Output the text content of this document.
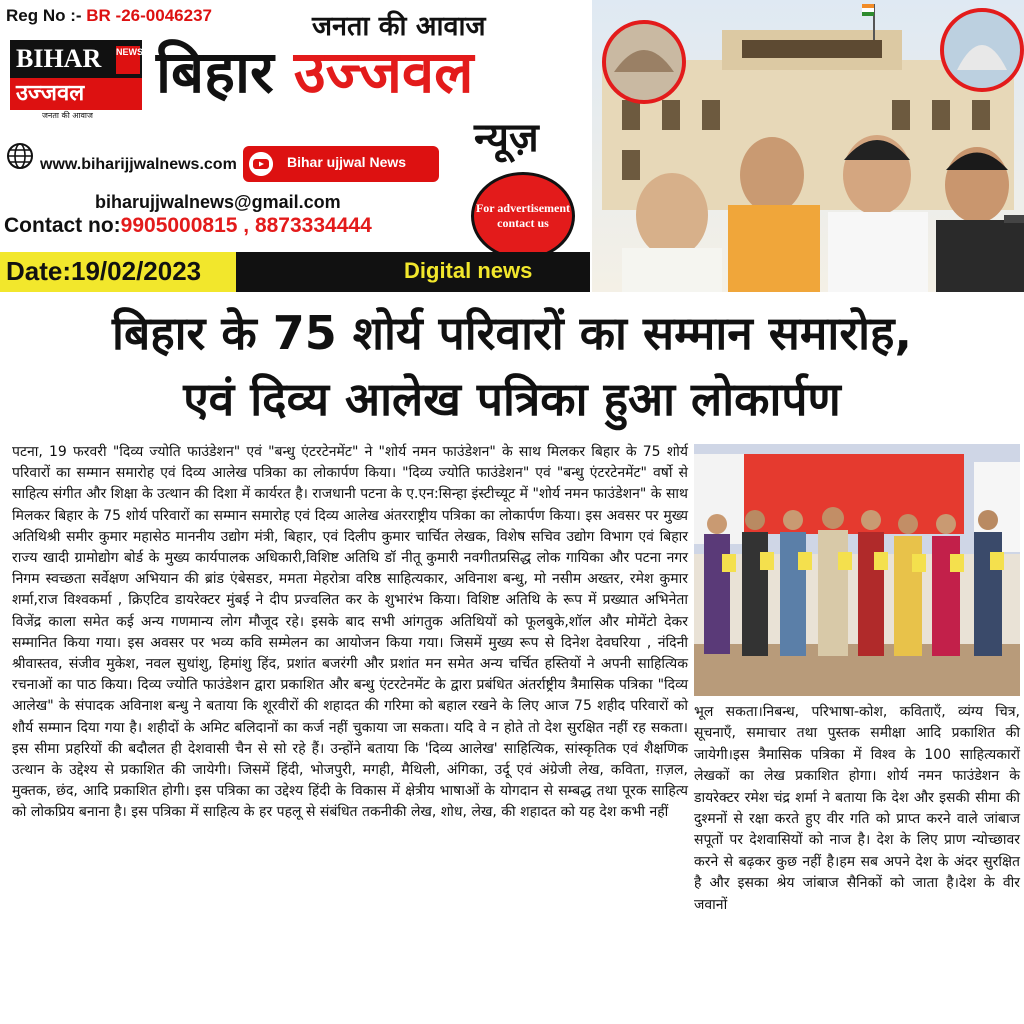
Reg No :- BR -26-0046237	जनता की आवाज
BIHAR	NEWS
उज्जवल
जनता की आवाज
बिहार उज्जवल
न्यूज़
www.biharijjwalnews.com	Bihar ujjwal News
biharujjwalnews@gmail.com
Contact no:9905000815 , 8873334444
For advertisement contact us
Date:19/02/2023	Digital news
बिहार के 75 शोर्य परिवारों का सम्मान समारोह,
एवं दिव्य आलेख पत्रिका हुआ लोकार्पण
पटना, 19 फरवरी "दिव्य ज्योति फाउंडेशन" एवं "बन्धु एंटरटेनमेंट" ने "शोर्य नमन फाउंडेशन" के साथ मिलकर बिहार के 75 शोर्य परिवारों का सम्मान समारोह एवं दिव्य आलेख पत्रिका का लोकार्पण किया। "दिव्य ज्योति फाउंडेशन" एवं "बन्धु एंटरटेनमेंट" वर्षो से साहित्य संगीत और शिक्षा के उत्थान की दिशा में कार्यरत है। राजधानी पटना के ए.एन:सिन्हा इंस्टीच्यूट में "शोर्य नमन फाउंडेशन" के साथ मिलकर बिहार के 75 शोर्य परिवारों का सम्मान समारोह एवं दिव्य आलेख अंतरराष्ट्रीय पत्रिका का लोकार्पण किया। इस अवसर पर मुख्य अतिथिश्री समीर कुमार महासेठ माननीय उद्योग मंत्री, बिहार, एवं दिलीप कुमार चार्चित लेखक, विशेष सचिव उद्योग विभाग एवं बिहार राज्य खादी ग्रामोद्योग बोर्ड के मुख्य कार्यपालक अधिकारी,विशिष्ट अतिथि डॉ नीतू कुमारी नवगीतप्रसिद्ध लोक गायिका और पटना नगर निगम स्वच्छता सर्वेक्षण अभियान की ब्रांड एंबेसडर, ममता मेहरोत्रा वरिष्ठ साहित्यकार, अविनाश बन्धु, मो नसीम अख्तर, रमेश कुमार शर्मा,राज विश्वकर्मा , क्रिएटिव डायरेक्टर मुंबई ने दीप प्रज्वलित कर के शुभारंभ किया। विशिष्ट अतिथि के रूप में प्रख्यात अभिनेता विजेंद्र काला समेत कई अन्य गणमान्य लोग मौजूद रहे। इसके बाद सभी आंगतुक अतिथियों को फूलबुके,शॉल और मोमेंटो देकर सम्मानित किया गया। इस अवसर पर भव्य कवि सम्मेलन का आयोजन किया गया। जिसमें मुख्य रूप से दिनेश देवघरिया , नंदिनी श्रीवास्तव, संजीव मुकेश, नवल सुधांशु, हिमांशु हिंद, प्रशांत बजरंगी और प्रशांत मन समेत अन्य चर्चित हस्तियों ने अपनी साहित्यिक रचनाओं का पाठ किया। दिव्य ज्योति फाउंडेशन द्वारा प्रकाशित और बन्धु एंटरटेनमेंट के द्वारा प्रबंधित अंतर्राष्ट्रीय त्रैमासिक पत्रिका "दिव्य आलेख" के संपादक अविनाश बन्धु ने बताया कि शूरवीरों की शहादत की गरिमा को बहाल रखने के लिए आज 75 शहीद परिवारों को शौर्य सम्मान दिया गया है। शहीदों के अमिट बलिदानों का कर्ज नहीं चुकाया जा सकता। यदि वे न होते तो देश सुरक्षित नहीं रह सकता। इस सीमा प्रहरियों की बदौलत ही देशवासी चैन से सो रहे हैं। उन्होंने बताया कि 'दिव्य आलेख' साहित्यिक, सांस्कृतिक एवं शैक्षणिक उत्थान के उद्देश्य से प्रकाशित की जायेगी। जिसमें हिंदी, भोजपुरी, मगही, मैथिली, अंगिका, उर्दू एवं अंग्रेजी लेख, कविता, ग़ज़ल, मुक्तक, छंद, आदि प्रकाशित होगी। इस पत्रिका का उद्देश्य हिंदी के विकास में क्षेत्रीय भाषाओं के योगदान से सम्बद्ध तथा पूरक साहित्य को लोकप्रिय बनाना है। इस पत्रिका में साहित्य के हर पहलू से संबंधित तकनीकी लेख, शोध, लेख, की शहादत को यह देश कभी नहीं
भूल सकता।निबन्ध, परिभाषा-कोश, कविताएँ, व्यंग्य चित्र, सूचनाएँ, समाचार तथा पुस्तक समीक्षा आदि प्रकाशित की जायेगी।इस त्रैमासिक पत्रिका में विश्व के 100 साहित्यकारों लेखकों का लेख प्रकाशित होगा। शोर्य नमन फाउंडेशन के डायरेक्टर रमेश चंद्र शर्मा ने बताया कि देश और इसकी सीमा की दुश्मनों से रक्षा करते हुए वीर गति को प्राप्त करने वाले जांबाज सपूतों पर देशवासियों को नाज है। देश के लिए प्राण न्योच्छावर करने से बढ़कर कुछ नहीं है।हम सब अपने देश के अंदर सुरक्षित है और इसका श्रेय जांबाज सैनिकों को जाता है।देश के वीर जवानों
